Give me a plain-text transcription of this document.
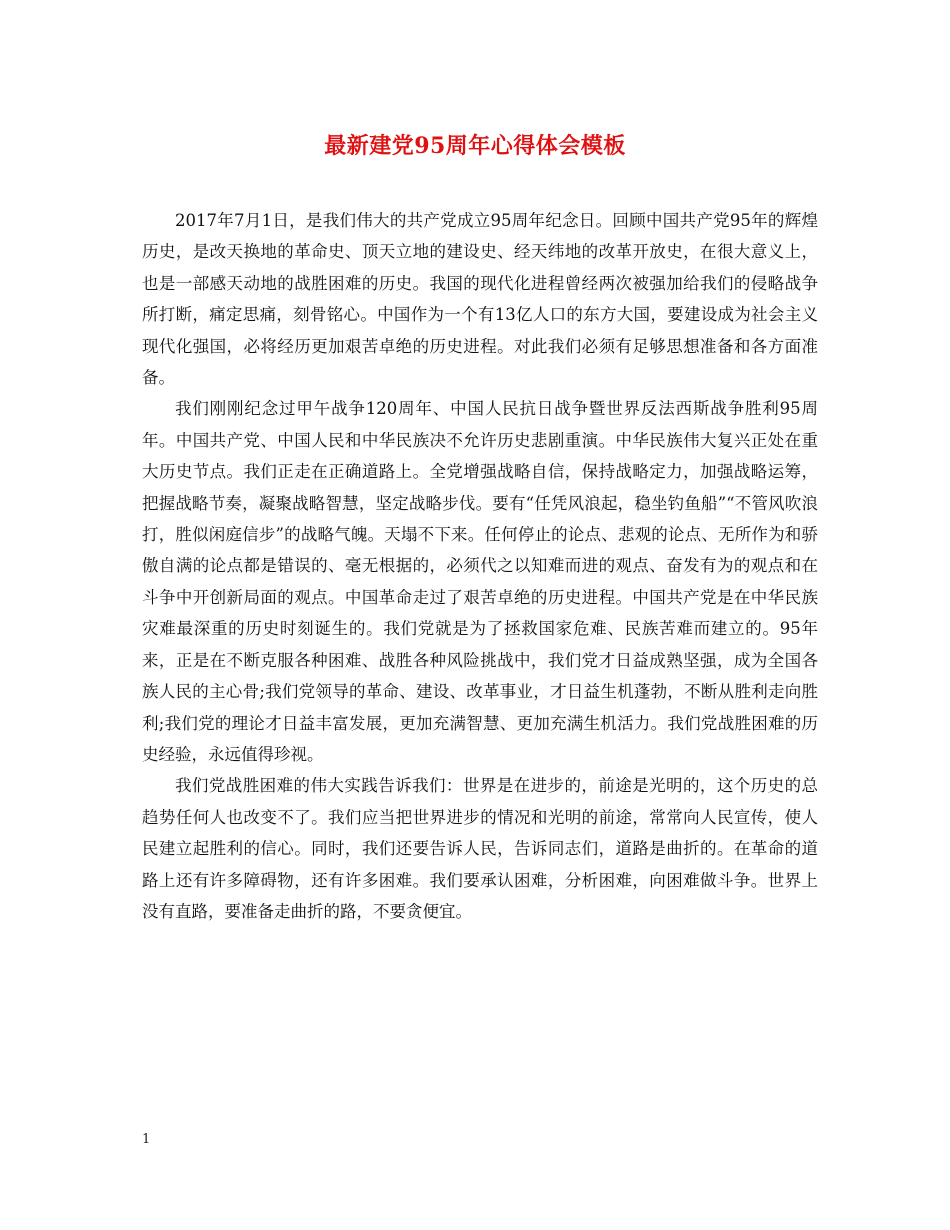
最新建党95周年心得体会模板

2017年7月1日，是我们伟大的共产党成立95周年纪念日。回顾中国共产党95年的辉煌历史，是改天换地的革命史、顶天立地的建设史、经天纬地的改革开放史，在很大意义上，也是一部感天动地的战胜困难的历史。我国的现代化进程曾经两次被强加给我们的侵略战争所打断，痛定思痛，刻骨铭心。中国作为一个有13亿人口的东方大国，要建设成为社会主义现代化强国，必将经历更加艰苦卓绝的历史进程。对此我们必须有足够思想准备和各方面准备。

我们刚刚纪念过甲午战争120周年、中国人民抗日战争暨世界反法西斯战争胜利95周年。中国共产党、中国人民和中华民族决不允许历史悲剧重演。中华民族伟大复兴正处在重大历史节点。我们正走在正确道路上。全党增强战略自信，保持战略定力，加强战略运筹，把握战略节奏，凝聚战略智慧，坚定战略步伐。要有“任凭风浪起，稳坐钓鱼船”“不管风吹浪打，胜似闲庭信步”的战略气魄。天塌不下来。任何停止的论点、悲观的论点、无所作为和骄傲自满的论点都是错误的、毫无根据的，必须代之以知难而进的观点、奋发有为的观点和在斗争中开创新局面的观点。中国革命走过了艰苦卓绝的历史进程。中国共产党是在中华民族灾难最深重的历史时刻诞生的。我们党就是为了拯救国家危难、民族苦难而建立的。95年来，正是在不断克服各种困难、战胜各种风险挑战中，我们党才日益成熟坚强，成为全国各族人民的主心骨;我们党领导的革命、建设、改革事业，才日益生机蓬勃，不断从胜利走向胜利;我们党的理论才日益丰富发展，更加充满智慧、更加充满生机活力。我们党战胜困难的历史经验，永远值得珍视。

我们党战胜困难的伟大实践告诉我们：世界是在进步的，前途是光明的，这个历史的总趋势任何人也改变不了。我们应当把世界进步的情况和光明的前途，常常向人民宣传，使人民建立起胜利的信心。同时，我们还要告诉人民，告诉同志们，道路是曲折的。在革命的道路上还有许多障碍物，还有许多困难。我们要承认困难，分析困难，向困难做斗争。世界上没有直路，要准备走曲折的路，不要贪便宜。

1
